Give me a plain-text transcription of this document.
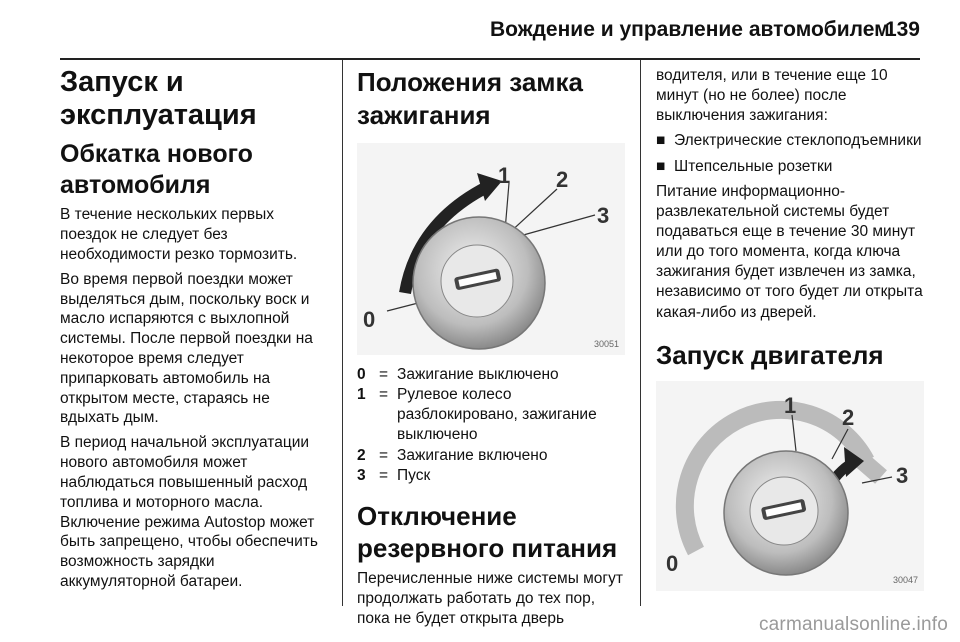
Вождение и управление автомобилем
139
Запуск и эксплуатация
Обкатка нового автомобиля

В течение нескольких первых поездок не следует без необходимости резко тормозить.

Во время первой поездки может выделяться дым, поскольку воск и масло испаряются с выхлопной системы. После первой поездки на некоторое время следует припарковать автомобиль на открытом месте, стараясь не вдыхать дым.

В период начальной эксплуатации нового автомобиля может наблюдаться повышенный расход топлива и моторного масла. Включение режима Autostop может быть запрещено, чтобы обеспечить возможность зарядки аккумуляторной батареи.

Положения замка зажигания
1 2
3
0
30051
0 = Зажигание выключено
1 = Рулевое колесо разблокировано, зажигание выключено
2 = Зажигание включено
3 = Пуск
Отключение резервного питания

Перечисленные ниже системы могут продолжать работать до тех пор, пока не будет открыта дверь

водителя, или в течение еще 10 минут (но не более) после выключения зажигания:

■ Электрические стеклоподъемники
■ Штепсельные розетки

Питание информационно-развлекательной системы будет подаваться еще в течение 30 минут или до того момента, когда ключа зажигания будет извлечен из замка, независимо от того будет ли открыта какая-либо из дверей.

Запуск двигателя
1 2
3
0
30047
carmanualsonline.info
